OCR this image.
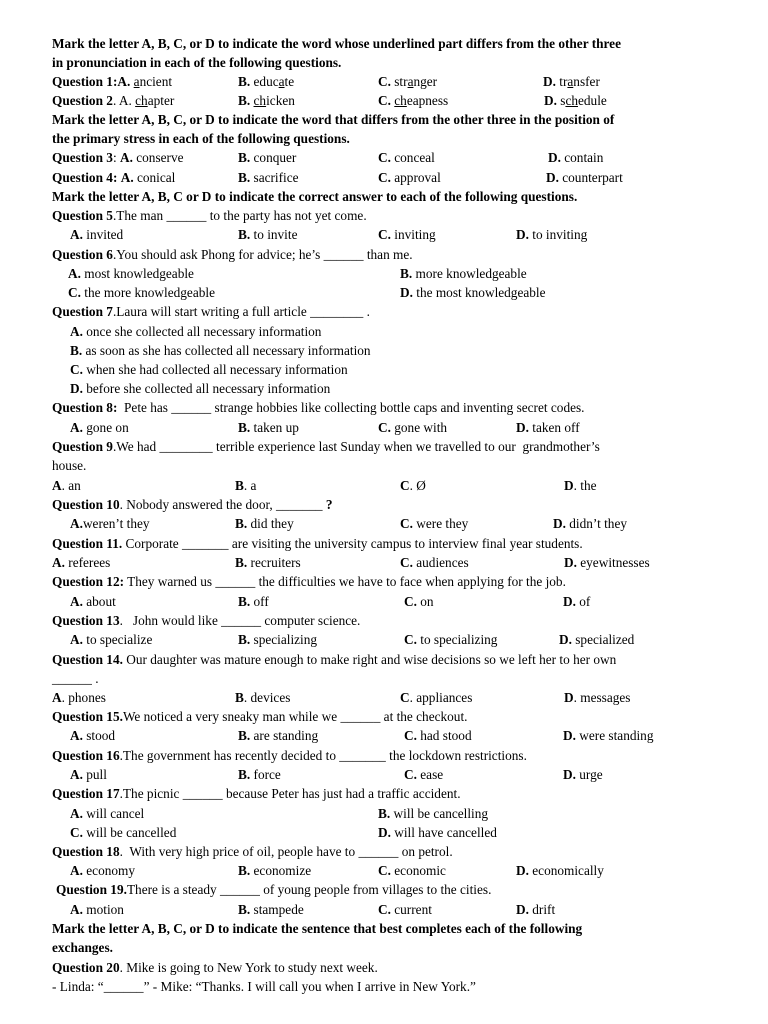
Mark the letter A, B, C, or D to indicate the word whose underlined part differs from the other three
in pronunciation in each of the following questions.
Question 1:A. ancient	B. educate	C. stranger	D. transfer
Question 2. A. chapter	B. chicken	C. cheapness	D. schedule
Mark the letter A, B, C, or D to indicate the word that differs from the other three in the position of
the primary stress in each of the following questions.
Question 3: A. conserve	B. conquer	C. conceal	D. contain
Question 4: A. conical	B. sacrifice	C. approval	D. counterpart
Mark the letter A, B, C or D to indicate the correct answer to each of the following questions.
Question 5.The man ______ to the party has not yet come.
A. invited	B. to invite	C. inviting	D. to inviting
Question 6.You should ask Phong for advice; he’s ______ than me.
A. most knowledgeable	B. more knowledgeable
C. the more knowledgeable	D. the most knowledgeable
Question 7.Laura will start writing a full article ________ .
A. once she collected all necessary information
B. as soon as she has collected all necessary information
C. when she had collected all necessary information
D. before she collected all necessary information
Question 8:  Pete has ______ strange hobbies like collecting bottle caps and inventing secret codes.
A. gone on	B. taken up	C. gone with	D. taken off
Question 9.We had ________ terrible experience last Sunday when we travelled to our  grandmother’s
house.
A. an	B. a	C. Ø	D. the
Question 10. Nobody answered the door, _______ ?
A.weren’t they	B. did they	C. were they	D. didn’t they
Question 11. Corporate _______ are visiting the university campus to interview final year students.
A. referees	B. recruiters	C. audiences	D. eyewitnesses
Question 12: They warned us ______ the difficulties we have to face when applying for the job.
A. about	B. off	C. on	D. of
Question 13.   John would like ______ computer science.
A. to specialize	B. specializing	C. to specializing	D. specialized
Question 14. Our daughter was mature enough to make right and wise decisions so we left her to her own
______ .
A. phones	B. devices	C. appliances	D. messages
Question 15.We noticed a very sneaky man while we ______ at the checkout.
A. stood	B. are standing	C. had stood	D. were standing
Question 16.The government has recently decided to _______ the lockdown restrictions.
A. pull	B. force	C. ease	D. urge
Question 17.The picnic ______ because Peter has just had a traffic accident.
A. will cancel	B. will be cancelling
C. will be cancelled	D. will have cancelled
Question 18.  With very high price of oil, people have to ______ on petrol.
A. economy	B. economize	C. economic	D. economically
Question 19.There is a steady ______ of young people from villages to the cities.
A. motion	B. stampede	C. current	D. drift
Mark the letter A, B, C, or D to indicate the sentence that best completes each of the following
exchanges.
Question 20. Mike is going to New York to study next week.
- Linda: “______” - Mike: “Thanks. I will call you when I arrive in New York.”
